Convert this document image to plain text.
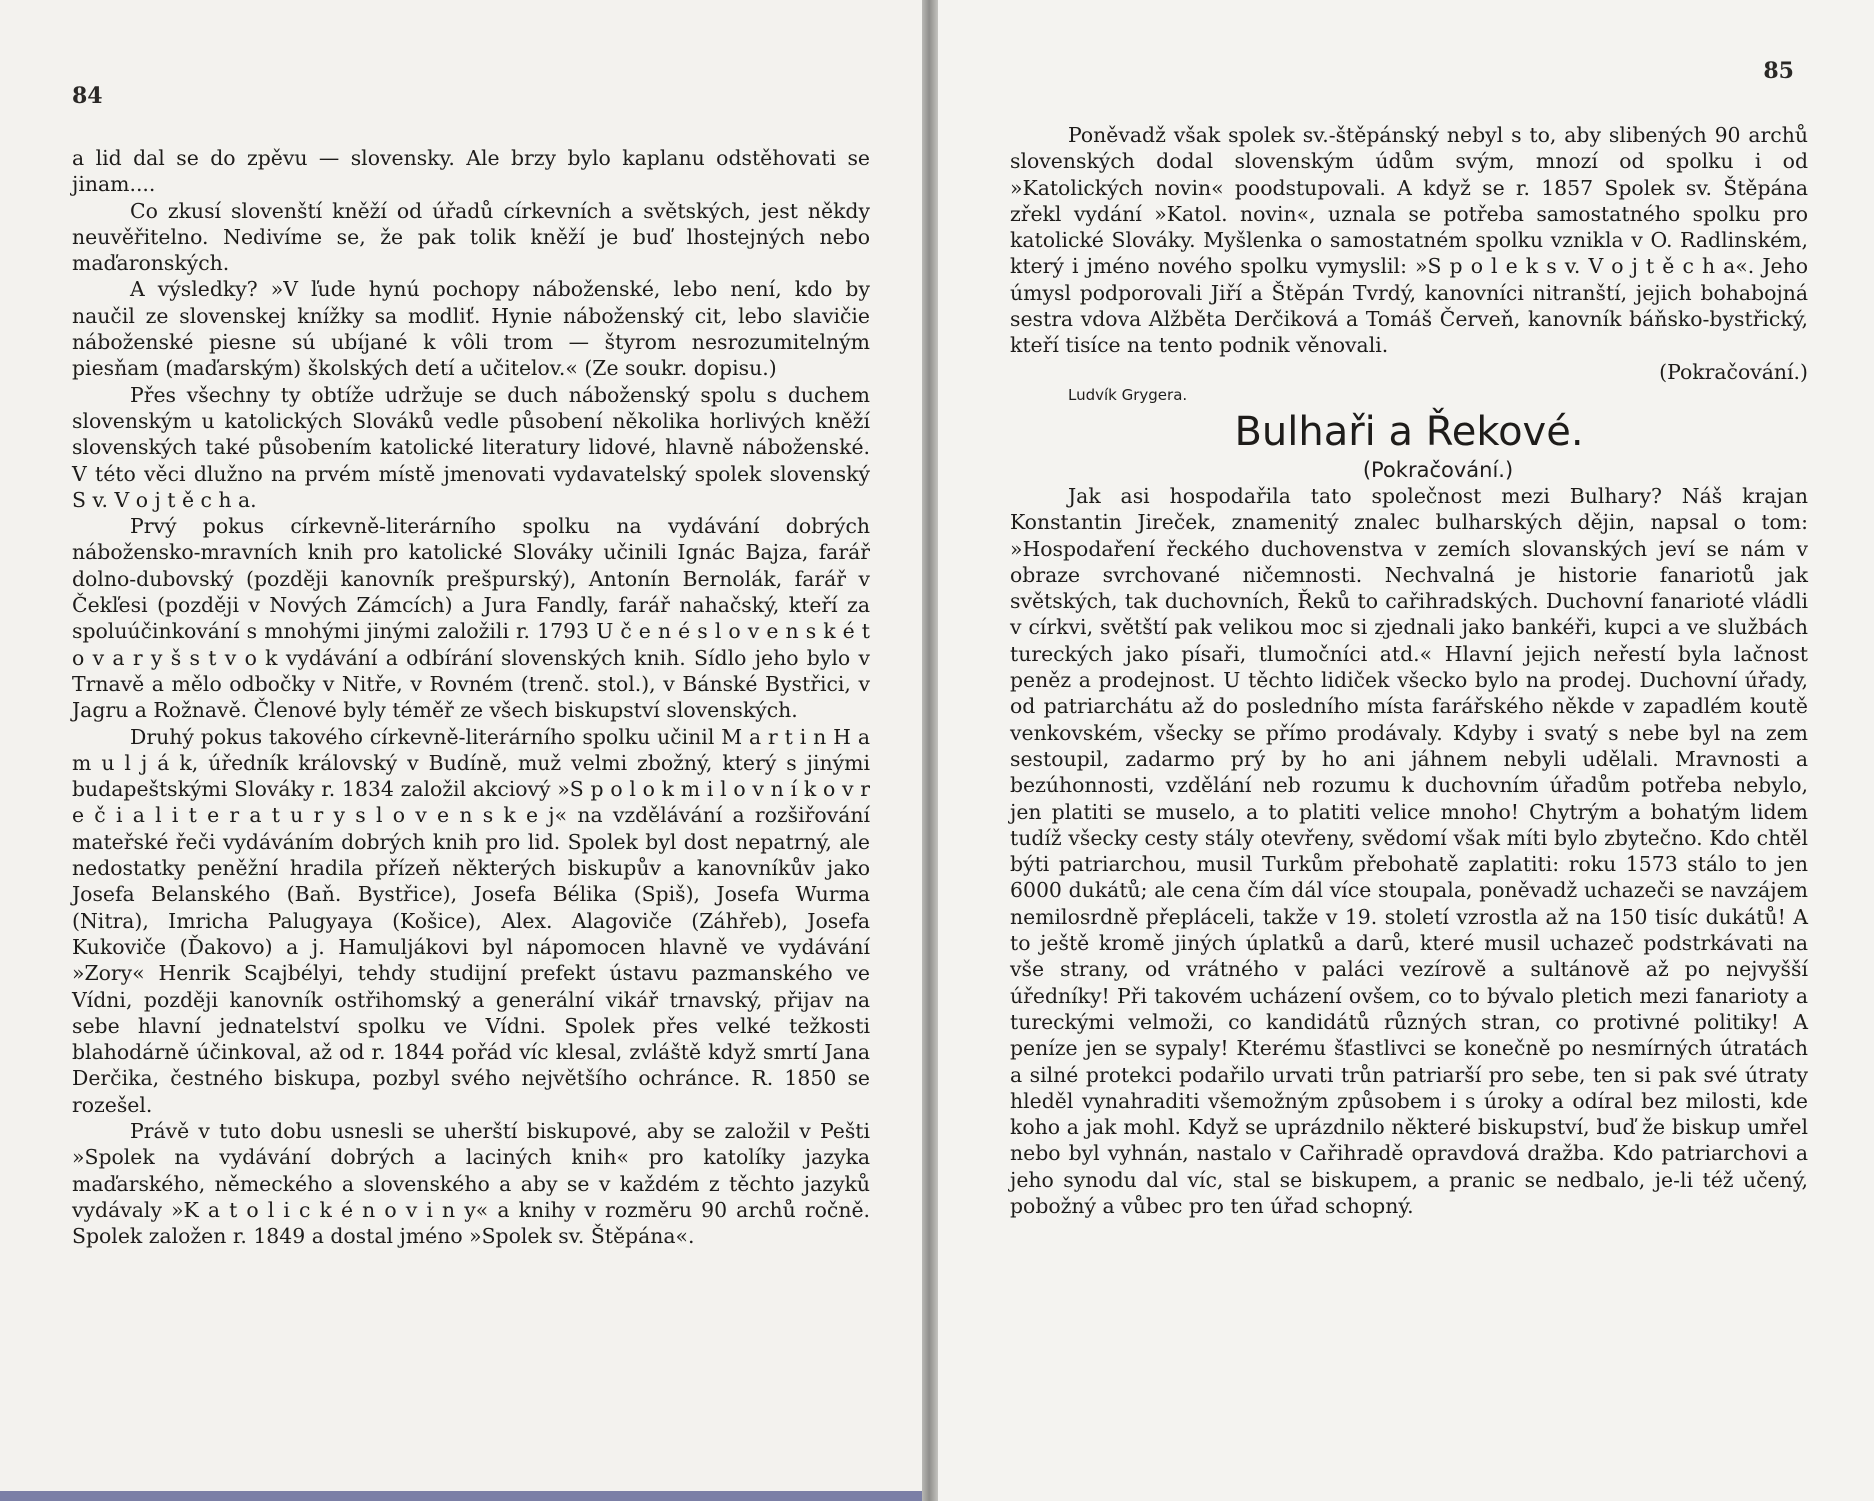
84

a lid dal se do zpěvu — slovensky. Ale brzy bylo kaplanu odstěhovati se jinam....

Co zkusí slovenští kněží od úřadů církevních a světských, jest někdy neuvěřitelno. Nedivíme se, že pak tolik kněží je buď lhostejných nebo maďaronských.

A výsledky? »V ľude hynú pochopy náboženské, lebo není, kdo by naučil ze slovenskej knížky sa modliť. Hynie náboženský cit, lebo slavičie náboženské piesne sú ubíjané k vôli trom — štyrom nesrozumitelným piesňam (maďarským) školských detí a učitelov.« (Ze soukr. dopisu.)

Přes všechny ty obtíže udržuje se duch náboženský spolu s duchem slovenským u katolických Slováků vedle působení několika horlivých kněží slovenských také působením katolické literatury lidové, hlavně náboženské. V této věci dlužno na prvém místě jmenovati vydavatelský spolek slovenský S v. V o j t ě c h a.

Prvý pokus církevně-literárního spolku na vydávání dobrých nábožensko-mravních knih pro katolické Slováky učinili Ignác Bajza, farář dolno-dubovský (později kanovník prešpurský), Antonín Bernolák, farář v Čekľesi (později v Nových Zámcích) a Jura Fandly, farář nahačský, kteří za spoluúčinkování s mnohými jinými založili r. 1793 U č e n é s l o v e n s k é t o v a r y š s t v o k vydávání a odbírání slovenských knih. Sídlo jeho bylo v Trnavě a mělo odbočky v Nitře, v Rovném (trenč. stol.), v Bánské Bystřici, v Jagru a Rožnavě. Členové byly téměř ze všech biskupství slovenských.

Druhý pokus takového církevně-literárního spolku učinil M a r t i n H a m u l j á k, úředník královský v Budíně, muž velmi zbožný, který s jinými budapeštskými Slováky r. 1834 založil akciový »S p o l o k m i l o v n í k o v r e č i a l i t e r a t u r y s l o v e n s k e j« na vzdělávání a rozšiřování mateřské řeči vydáváním dobrých knih pro lid. Spolek byl dost nepatrný, ale nedostatky peněžní hradila přízeň některých biskupův a kanovníkův jako Josefa Belanského (Baň. Bystřice), Josefa Bélika (Spiš), Josefa Wurma (Nitra), Imricha Palugyaya (Košice), Alex. Alagoviče (Záhřeb), Josefa Kukoviče (Ďakovo) a j. Hamuljákovi byl nápomocen hlavně ve vydávání »Zory« Henrik Scajbélyi, tehdy studijní prefekt ústavu pazmanského ve Vídni, později kanovník ostřihomský a generální vikář trnavský, přijav na sebe hlavní jednatelství spolku ve Vídni. Spolek přes velké težkosti blahodárně účinkoval, až od r. 1844 pořád víc klesal, zvláště když smrtí Jana Derčika, čestného biskupa, pozbyl svého největšího ochránce. R. 1850 se rozešel.

Právě v tuto dobu usnesli se uherští biskupové, aby se založil v Pešti »Spolek na vydávání dobrých a laciných knih« pro katolíky jazyka maďarského, německého a slovenského a aby se v každém z těchto jazyků vydávaly »K a t o l i c k é n o v i n y« a knihy v rozměru 90 archů ročně. Spolek založen r. 1849 a dostal jméno »Spolek sv. Štěpána«.

85

Poněvadž však spolek sv.-štěpánský nebyl s to, aby slibených 90 archů slovenských dodal slovenským údům svým, mnozí od spolku i od »Katolických novin« poodstupovali. A když se r. 1857 Spolek sv. Štěpána zřekl vydání »Katol. novin«, uznala se potřeba samostatného spolku pro katolické Slováky. Myšlenka o samostatném spolku vznikla v O. Radlinském, který i jméno nového spolku vymyslil: »S p o l e k s v. V o j t ě c h a«. Jeho úmysl podporovali Jiří a Štěpán Tvrdý, kanovníci nitranští, jejich bohabojná sestra vdova Alžběta Derčiková a Tomáš Červeň, kanovník báňsko-bystřický, kteří tisíce na tento podnik věnovali.
(Pokračování.)

Ludvík Grygera.

Bulhaři a Řekové.

(Pokračování.)

Jak asi hospodařila tato společnost mezi Bulhary? Náš krajan Konstantin Jireček, znamenitý znalec bulharských dějin, napsal o tom: »Hospodaření řeckého duchovenstva v zemích slovanských jeví se nám v obraze svrchované ničemnosti. Nechvalná je historie fanariotů jak světských, tak duchovních, Řeků to cařihradských. Duchovní fanarioté vládli v církvi, světští pak velikou moc si zjednali jako bankéři, kupci a ve službách tureckých jako písaři, tlumočníci atd.« Hlavní jejich neřestí byla lačnost peněz a prodejnost. U těchto lidiček všecko bylo na prodej. Duchovní úřady, od patriarchátu až do posledního místa farářského někde v zapadlém koutě venkovském, všecky se přímo prodávaly. Kdyby i svatý s nebe byl na zem sestoupil, zadarmo prý by ho ani jáhnem nebyli udělali. Mravnosti a bezúhonnosti, vzdělání neb rozumu k duchovním úřadům potřeba nebylo, jen platiti se muselo, a to platiti velice mnoho! Chytrým a bohatým lidem tudíž všecky cesty stály otevřeny, svědomí však míti bylo zbytečno. Kdo chtěl býti patriarchou, musil Turkům přebohatě zaplatiti: roku 1573 stálo to jen 6000 dukátů; ale cena čím dál více stoupala, poněvadž uchazeči se navzájem nemilosrdně přepláceli, takže v 19. století vzrostla až na 150 tisíc dukátů! A to ještě kromě jiných úplatků a darů, které musil uchazeč podstrkávati na vše strany, od vrátného v paláci vezírově a sultánově až po nejvyšší úředníky! Při takovém ucházení ovšem, co to bývalo pletich mezi fanarioty a tureckými velmoži, co kandidátů různých stran, co protivné politiky! A peníze jen se sypaly! Kterému šťastlivci se konečně po nesmírných útratách a silné protekci podařilo urvati trůn patriarší pro sebe, ten si pak své útraty hleděl vynahraditi všemožným způsobem i s úroky a odíral bez milosti, kde koho a jak mohl. Když se uprázdnilo některé biskupství, buď že biskup umřel nebo byl vyhnán, nastalo v Cařihradě opravdová dražba. Kdo patriarchovi a jeho synodu dal víc, stal se biskupem, a pranic se nedbalo, je-li též učený, pobožný a vůbec pro ten úřad schopný.
